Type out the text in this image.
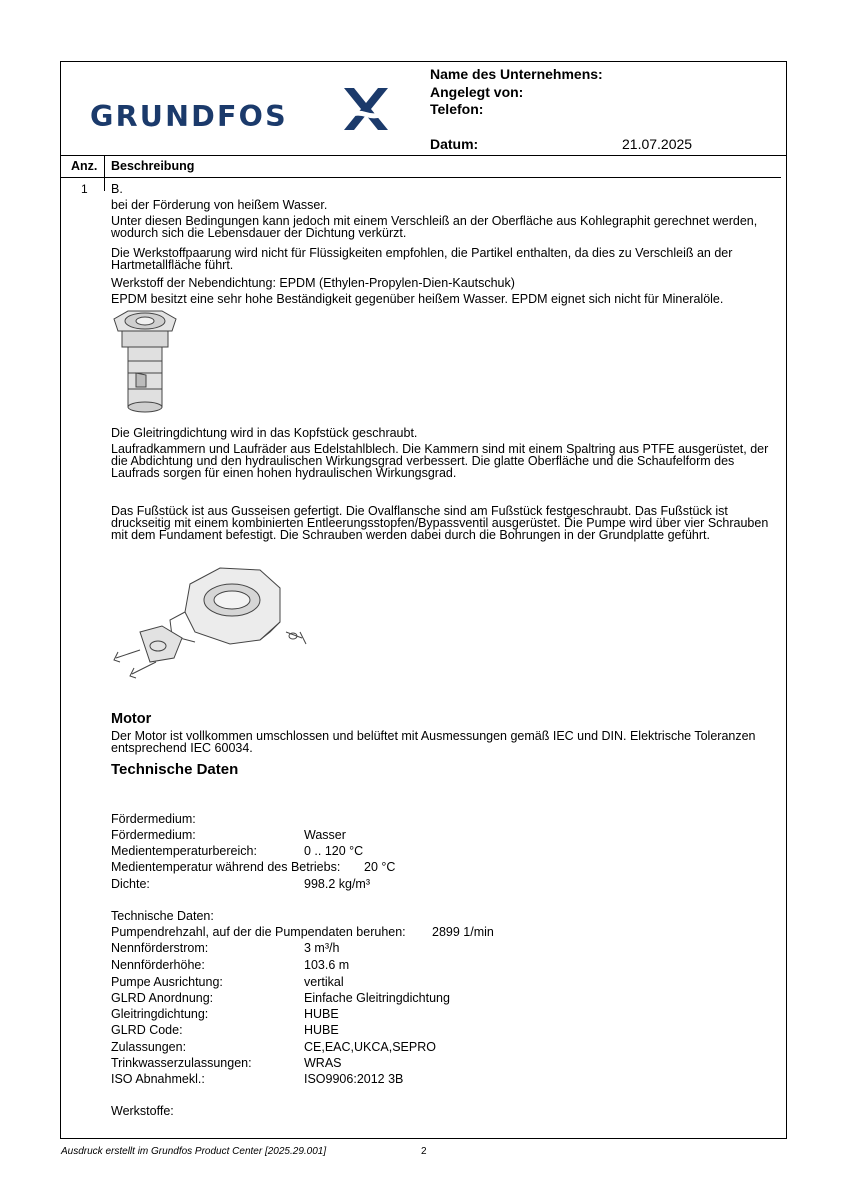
GRUNDFOS
Name des Unternehmens:
Angelegt von:
Telefon:
Datum:	21.07.2025
Anz. Beschreibung
1 B.

bei der Förderung von heißem Wasser.

Unter diesen Bedingungen kann jedoch mit einem Verschleiß an der Oberfläche aus Kohlegraphit gerechnet werden, wodurch sich die Lebensdauer der Dichtung verkürzt.

Die Werkstoffpaarung wird nicht für Flüssigkeiten empfohlen, die Partikel enthalten, da dies zu Verschleiß an der Hartmetallfläche führt.

Werkstoff der Nebendichtung: EPDM (Ethylen-Propylen-Dien-Kautschuk)

EPDM besitzt eine sehr hohe Beständigkeit gegenüber heißem Wasser. EPDM eignet sich nicht für Mineralöle.

Die Gleitringdichtung wird in das Kopfstück geschraubt.

Laufradkammern und Laufräder aus Edelstahlblech. Die Kammern sind mit einem Spaltring aus PTFE ausgerüstet, der die Abdichtung und den hydraulischen Wirkungsgrad verbessert. Die glatte Oberfläche und die Schaufelform des Laufrads sorgen für einen hohen hydraulischen Wirkungsgrad.

Das Fußstück ist aus Gusseisen gefertigt. Die Ovalflansche sind am Fußstück festgeschraubt. Das Fußstück ist druckseitig mit einem kombinierten Entleerungsstopfen/Bypassventil ausgerüstet. Die Pumpe wird über vier Schrauben mit dem Fundament befestigt. Die Schrauben werden dabei durch die Bohrungen in der Grundplatte geführt.

Motor

Der Motor ist vollkommen umschlossen und belüftet mit Ausmessungen gemäß IEC und DIN. Elektrische Toleranzen entsprechend IEC 60034.

Technische Daten
Fördermedium:
Fördermedium:	Wasser
Medientemperaturbereich:	0 .. 120 °C
Medientemperatur während des Betriebs: 20 °C
Dichte:	998.2 kg/m³
Technische Daten:
Pumpendrehzahl, auf der die Pumpendaten beruhen: 2899 1/min
Nennförderstrom:	3 m³/h
Nennförderhöhe:	103.6 m
Pumpe Ausrichtung:	vertikal
GLRD Anordnung:	Einfache Gleitringdichtung
Gleitringdichtung:	HUBE
GLRD Code:	HUBE
Zulassungen:	CE,EAC,UKCA,SEPRO
Trinkwasserzulassungen:	WRAS
ISO Abnahmekl.:	ISO9906:2012 3B
Werkstoffe:
Ausdruck erstellt im Grundfos Product Center [2025.29.001]	2
